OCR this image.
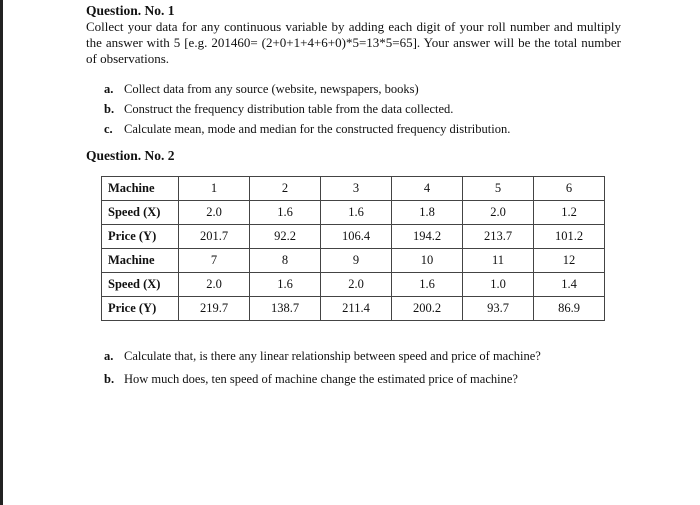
Question. No. 1
Collect your data for any continuous variable by adding each digit of your roll number and multiply the answer with 5 [e.g. 201460= (2+0+1+4+6+0)*5=13*5=65]. Your answer will be the total number of observations.
a. Collect data from any source (website, newspapers, books)
b. Construct the frequency distribution table from the data collected.
c. Calculate mean, mode and median for the constructed frequency distribution.
Question. No. 2
Machine	1	2	3	4	5	6
Speed (X)	2.0	1.6	1.6	1.8	2.0	1.2
Price (Y)	201.7	92.2	106.4	194.2	213.7	101.2
Machine	7	8	9	10	11	12
Speed (X)	2.0	1.6	2.0	1.6	1.0	1.4
Price (Y)	219.7	138.7	211.4	200.2	93.7	86.9
a. Calculate that, is there any linear relationship between speed and price of machine?
b. How much does, ten speed of machine change the estimated price of machine?
